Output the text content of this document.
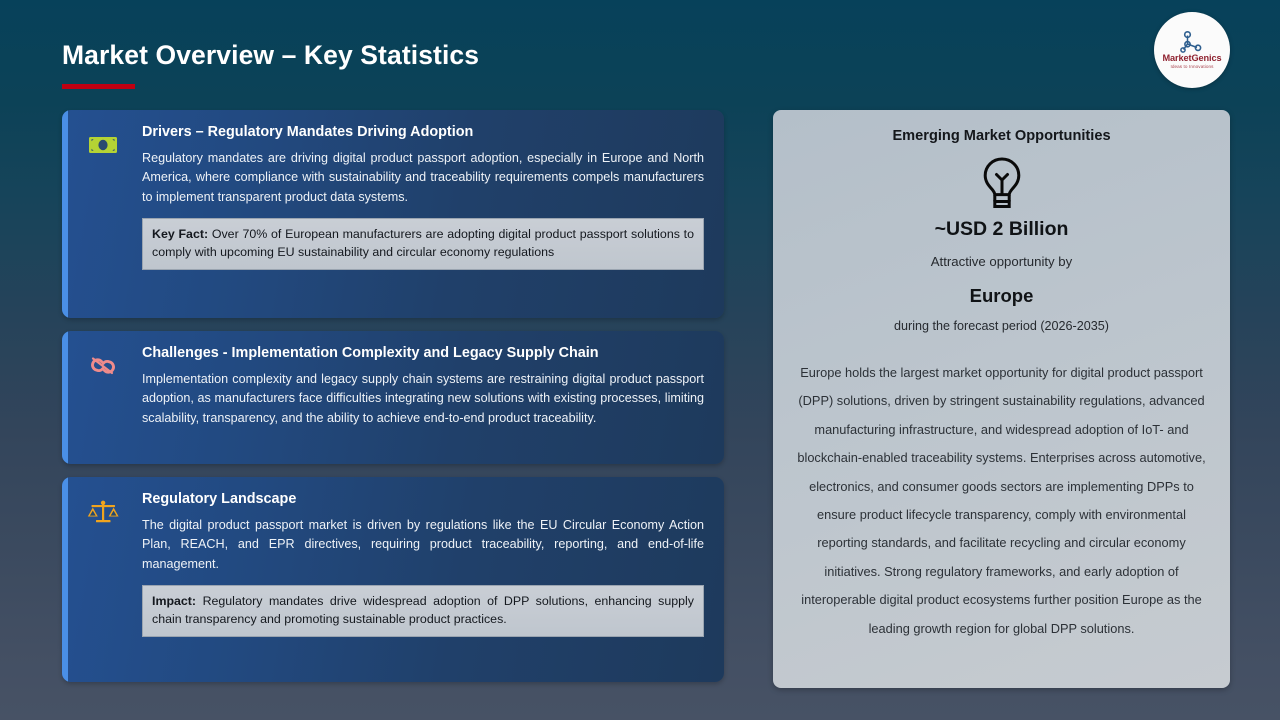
Market Overview – Key Statistics	MarketGenics
Ideas to Innovations
Drivers – Regulatory Mandates Driving Adoption
Regulatory mandates are driving digital product passport adoption, especially in Europe and North America, where compliance with sustainability and traceability requirements compels manufacturers to implement transparent product data systems.
Key Fact: Over 70% of European manufacturers are adopting digital product passport solutions to comply with upcoming EU sustainability and circular economy regulations
Challenges - Implementation Complexity and Legacy Supply Chain
Implementation complexity and legacy supply chain systems are restraining digital product passport adoption, as manufacturers face difficulties integrating new solutions with existing processes, limiting scalability, transparency, and the ability to achieve end-to-end product traceability.
Regulatory Landscape
The digital product passport market is driven by regulations like the EU Circular Economy Action Plan, REACH, and EPR directives, requiring product traceability, reporting, and end-of-life management.
Impact: Regulatory mandates drive widespread adoption of DPP solutions, enhancing supply chain transparency and promoting sustainable product practices.
Emerging Market Opportunities
~USD 2 Billion
Attractive opportunity by
Europe
during the forecast period (2026-2035)
Europe holds the largest market opportunity for digital product passport (DPP) solutions, driven by stringent sustainability regulations, advanced manufacturing infrastructure, and widespread adoption of IoT- and blockchain-enabled traceability systems. Enterprises across automotive, electronics, and consumer goods sectors are implementing DPPs to ensure product lifecycle transparency, comply with environmental reporting standards, and facilitate recycling and circular economy initiatives. Strong regulatory frameworks, and early adoption of interoperable digital product ecosystems further position Europe as the leading growth region for global DPP solutions.
